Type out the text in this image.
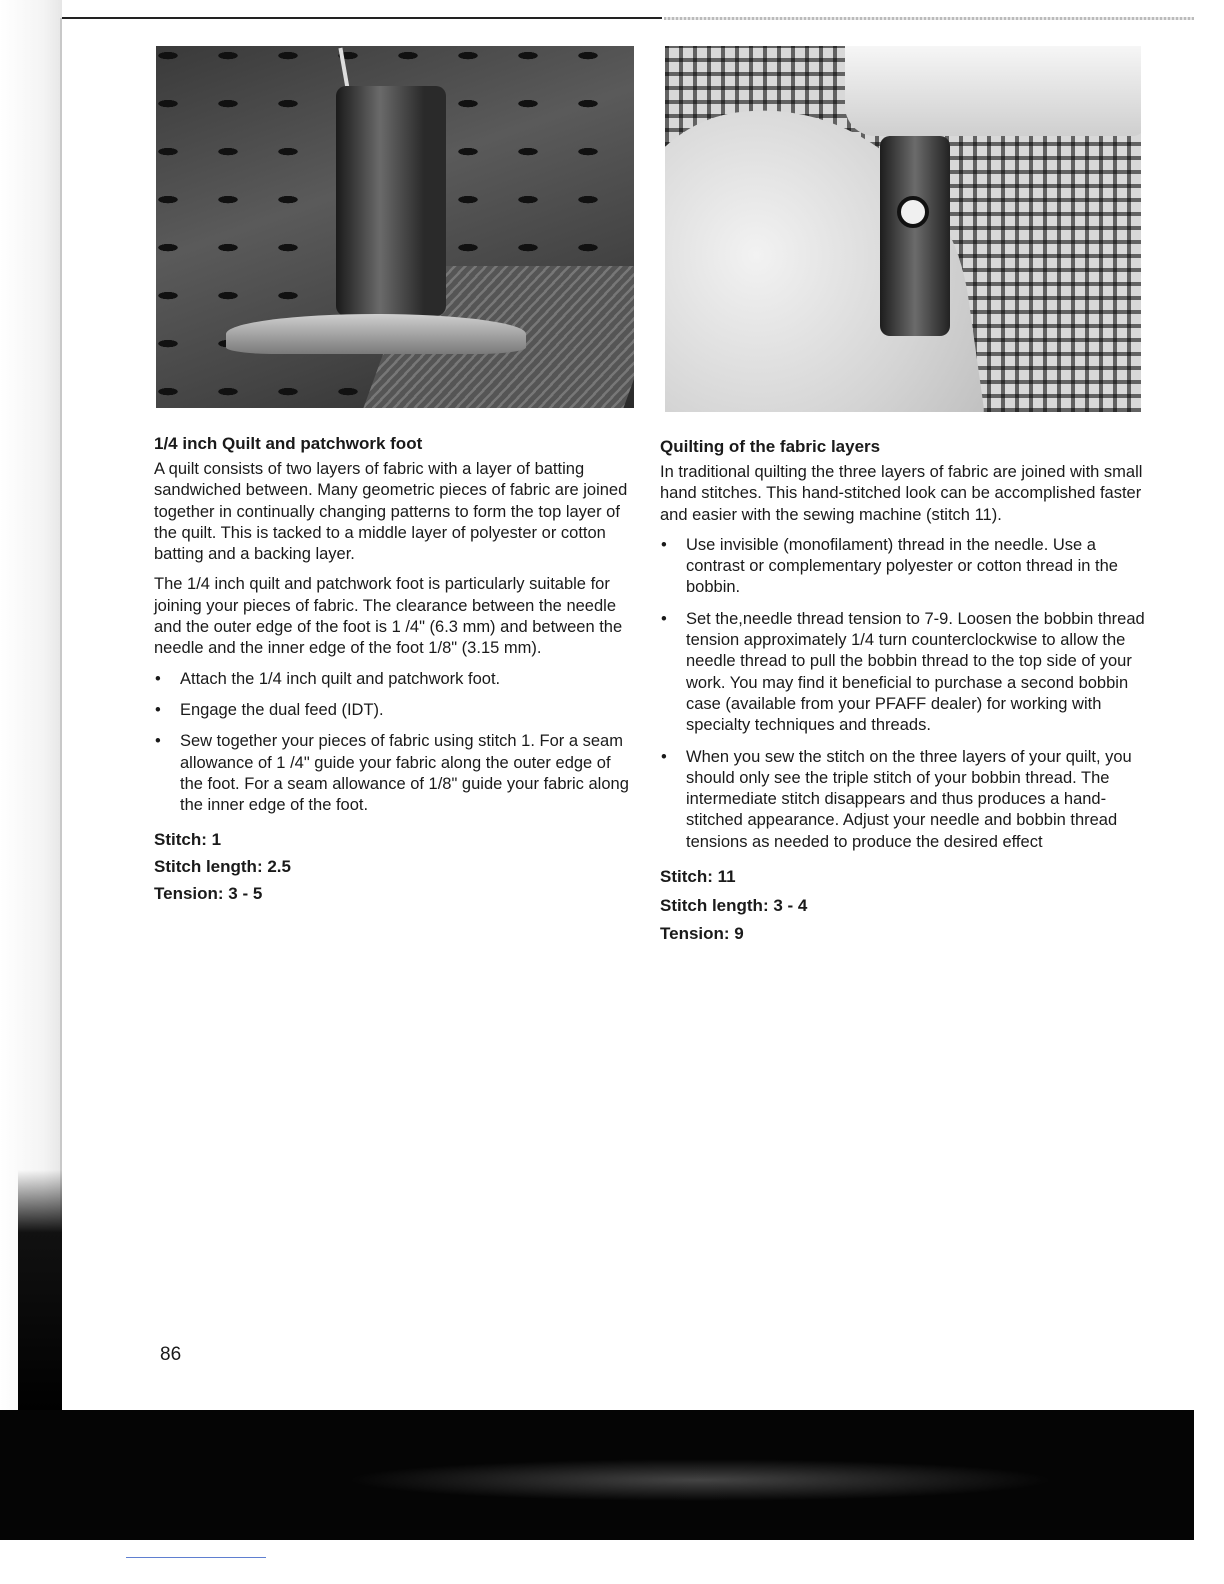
1/4 inch Quilt and patchwork foot

A quilt consists of two layers of fabric with a layer of batting sandwiched between. Many geometric pieces of fabric are joined together in continually changing patterns to form the top layer of the quilt. This is tacked to a middle layer of polyester or cotton batting and a backing layer.

The 1/4 inch quilt and patchwork foot is particularly suitable for joining your pieces of fabric. The clearance between the needle and the outer edge of the foot is 1 /4" (6.3 mm) and between the needle and the inner edge of the foot 1/8" (3.15 mm).

• Attach the 1/4 inch quilt and patchwork foot.
• Engage the dual feed (IDT).
• Sew together your pieces of fabric using stitch 1. For a seam allowance of 1 /4" guide your fabric along the outer edge of the foot. For a seam allowance of 1/8" guide your fabric along the inner edge of the foot.
Stitch: 1
Stitch length: 2.5
Tension: 3 - 5
Quilting of the fabric layers

In traditional quilting the three layers of fabric are joined with small hand stitches. This hand-stitched look can be accomplished faster and easier with the sewing machine (stitch 11).

• Use invisible (monofilament) thread in the needle. Use a contrast or complementary polyester or cotton thread in the bobbin.
• Set the,needle thread tension to 7-9. Loosen the bobbin thread tension approximately 1/4 turn counterclockwise to allow the needle thread to pull the bobbin thread to the top side of your work. You may find it beneficial to purchase a second bobbin case (available from your PFAFF dealer) for working with specialty techniques and threads.
• When you sew the stitch on the three layers of your quilt, you should only see the triple stitch of your bobbin thread. The intermediate stitch disappears and thus produces a hand-stitched appearance. Adjust your needle and bobbin thread tensions as needed to produce the desired effect
Stitch: 11
Stitch length: 3 - 4
Tension: 9
86
